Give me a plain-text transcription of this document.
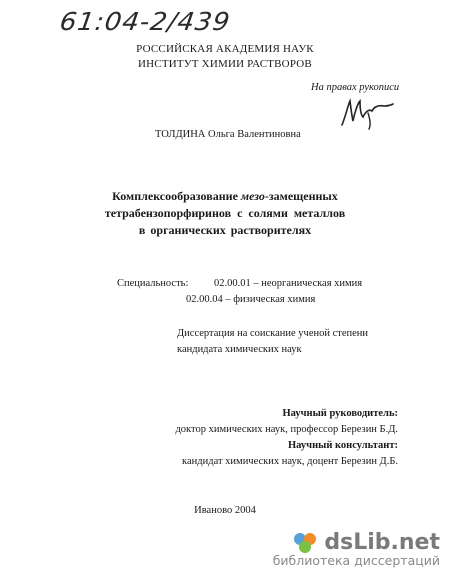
61:04-2/439
РОССИЙСКАЯ АКАДЕМИЯ НАУК
ИНСТИТУТ ХИМИИ РАСТВОРОВ
На правах рукописи
ТОЛДИНА Ольга Валентиновна
Комплексообразование мезо-замещенных
тетрабензопорфиринов с солями металлов
в органических растворителях
Специальность: 02.00.01 – неорганическая химия
02.00.04 – физическая химия
Диссертация на соискание ученой степени
кандидата химических наук
Научный руководитель:
доктор химических наук, профессор Березин Б.Д.
Научный консультант:
кандидат химических наук, доцент Березин Д.Б.
Иваново 2004
dsLib.net
библиотека диссертаций
